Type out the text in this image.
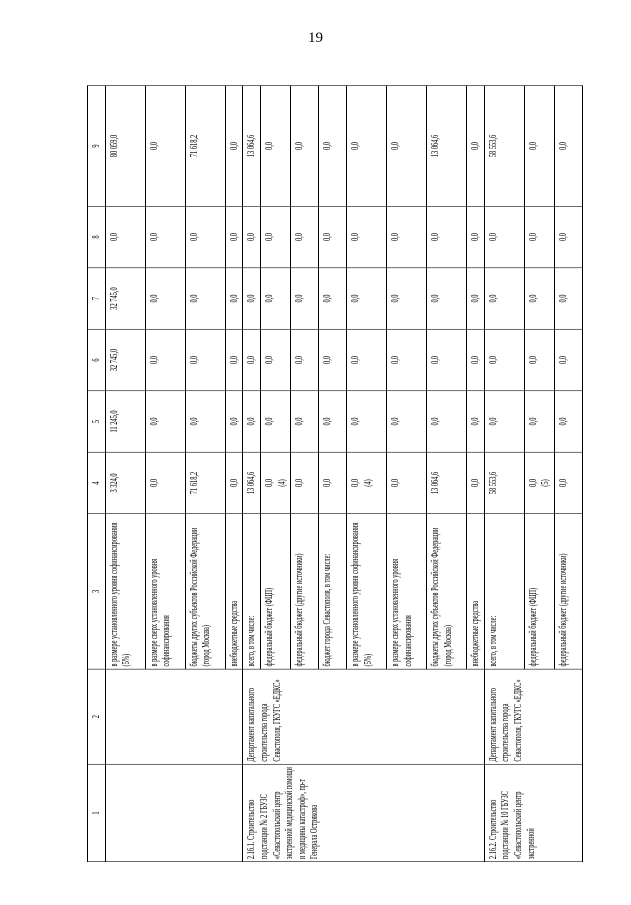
19
1	2	3	4	5	6	7	8	9
		в размере установленного уровня софинансирования (5%)	3 324,0	11 245,0	32 745,0	32 745,0	0,0	80 059,0
		в размере сверх установленного уровня софинансирования	0,0	0,0	0,0	0,0	0,0	0,0
		бюджеты других субъектов Российской Федерации (город Москва)	71 618,2	0,0	0,0	0,0	0,0	71 618,2
		внебюджетные средства	0,0	0,0	0,0	0,0	0,0	0,0
2.16.1. Строительство подстанции № 2 ГБУЗС «Севастопольский центр экстренной медицинской помощи и медицины катастроф», пр-т Генерала Острякова	Департамент капитального строительства города Севастополя, ГКУГС «ЕДКС»	всего, в том числе:	13 064,6	0,0	0,0	0,0	0,0	13 064,6
		федеральный бюджет (ФЦП)	0,0 (4)	0,0	0,0	0,0	0,0	0,0
		федеральный бюджет (другие источники)	0,0	0,0	0,0	0,0	0,0	0,0
		бюджет города Севастополя, в том числе:	0,0	0,0	0,0	0,0	0,0	0,0
		в размере установленного уровня софинансирования (5%)	0,0 (4)	0,0	0,0	0,0	0,0	0,0
		в размере сверх установленного уровня софинансирования	0,0	0,0	0,0	0,0	0,0	0,0
		бюджеты других субъектов Российской Федерации (город Москва)	13 064,6	0,0	0,0	0,0	0,0	13 064,6
		внебюджетные средства	0,0	0,0	0,0	0,0	0,0	0,0
2.16.2. Строительство подстанции № 10 ГБУЗС «Севастопольский центр экстренной	Департамент капитального строительства города Севастополя, ГКУГС «ЕДКС»	всего, в том числе:	58 553,6	0,0	0,0	0,0	0,0	58 553,6
		федеральный бюджет (ФЦП)	0,0 (5)	0,0	0,0	0,0	0,0	0,0
		федеральный бюджет (другие источники)	0,0	0,0	0,0	0,0	0,0	0,0
